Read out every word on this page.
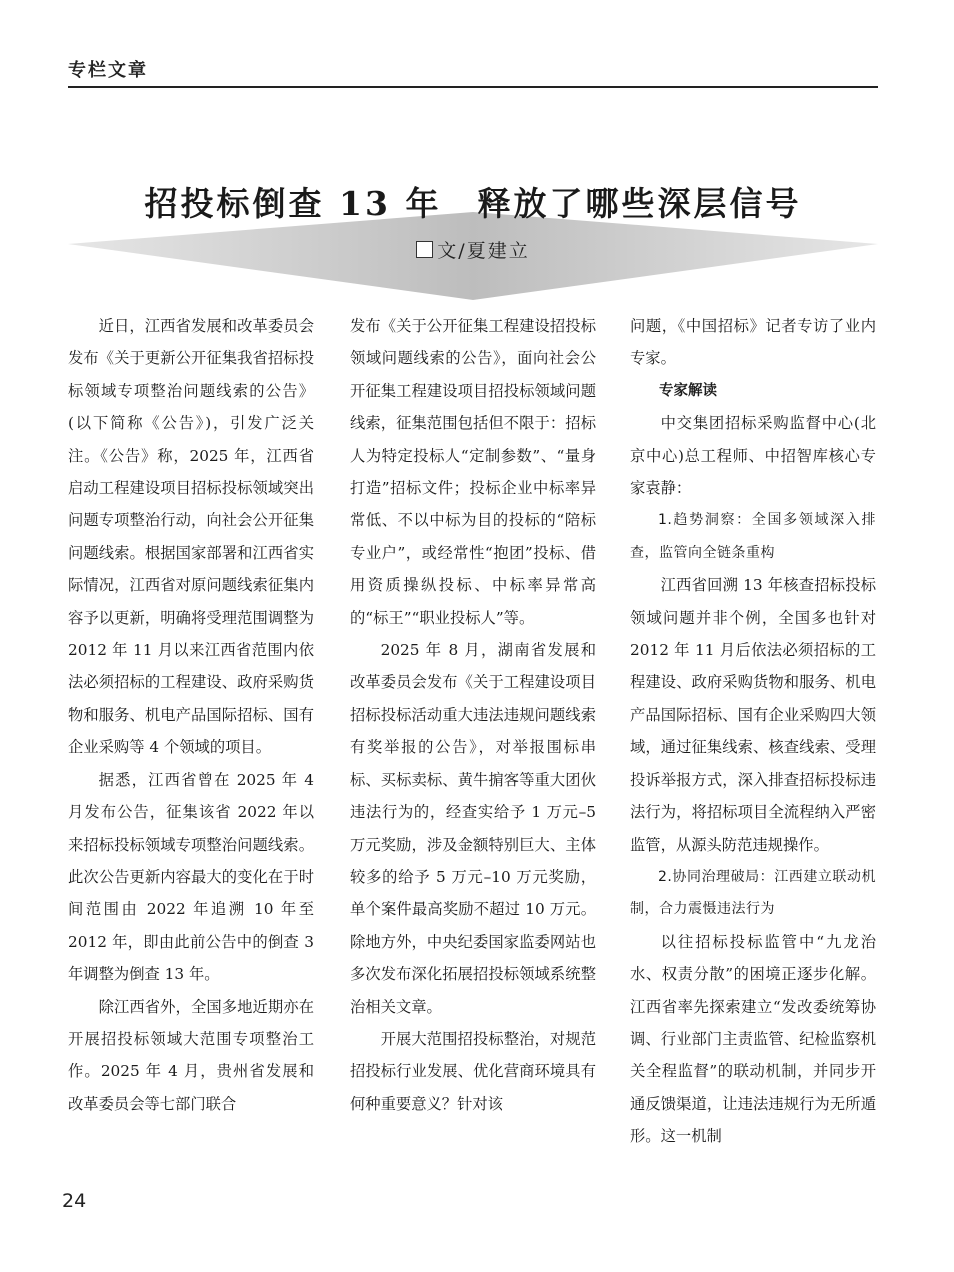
专栏文章
招投标倒查 13 年　释放了哪些深层信号
文/夏建立

近日，江西省发展和改革委员会发布《关于更新公开征集我省招标投标领域专项整治问题线索的公告》(以下简称《公告》)，引发广泛关注。《公告》称，2025 年，江西省启动工程建设项目招标投标领域突出问题专项整治行动，向社会公开征集问题线索。根据国家部署和江西省实际情况，江西省对原问题线索征集内容予以更新，明确将受理范围调整为 2012 年 11 月以来江西省范围内依法必须招标的工程建设、政府采购货物和服务、机电产品国际招标、国有企业采购等 4 个领域的项目。

据悉，江西省曾在 2025 年 4 月发布公告，征集该省 2022 年以来招标投标领域专项整治问题线索。此次公告更新内容最大的变化在于时间范围由 2022 年追溯 10 年至 2012 年，即由此前公告中的倒查 3 年调整为倒查 13 年。

除江西省外，全国多地近期亦在开展招投标领域大范围专项整治工作。2025 年 4 月，贵州省发展和改革委员会等七部门联合

发布《关于公开征集工程建设招投标领域问题线索的公告》，面向社会公开征集工程建设项目招投标领域问题线索，征集范围包括但不限于：招标人为特定投标人“定制参数”、“量身打造”招标文件；投标企业中标率异常低、不以中标为目的投标的“陪标专业户”，或经常性“抱团”投标、借用资质操纵投标、中标率异常高的“标王”“职业投标人”等。

2025 年 8 月，湖南省发展和改革委员会发布《关于工程建设项目招标投标活动重大违法违规问题线索有奖举报的公告》，对举报围标串标、买标卖标、黄牛掮客等重大团伙违法行为的，经查实给予 1 万元–5 万元奖励，涉及金额特别巨大、主体较多的给予 5 万元–10 万元奖励，单个案件最高奖励不超过 10 万元。除地方外，中央纪委国家监委网站也多次发布深化拓展招投标领域系统整治相关文章。

开展大范围招投标整治，对规范招投标行业发展、优化营商环境具有何种重要意义？针对该

问题，《中国招标》记者专访了业内专家。

专家解读

中交集团招标采购监督中心(北京中心)总工程师、中招智库核心专家袁静：

1.趋势洞察：全国多领域深入排查，监管向全链条重构

江西省回溯 13 年核查招标投标领域问题并非个例，全国多也针对 2012 年 11 月后依法必须招标的工程建设、政府采购货物和服务、机电产品国际招标、国有企业采购四大领域，通过征集线索、核查线索、受理投诉举报方式，深入排查招标投标违法行为，将招标项目全流程纳入严密监管，从源头防范违规操作。

2.协同治理破局：江西建立联动机制，合力震慑违法行为

以往招标投标监管中“九龙治水、权责分散”的困境正逐步化解。江西省率先探索建立“发改委统筹协调、行业部门主责监管、纪检监察机关全程监督”的联动机制，并同步开通反馈渠道，让违法违规行为无所遁形。这一机制

24
